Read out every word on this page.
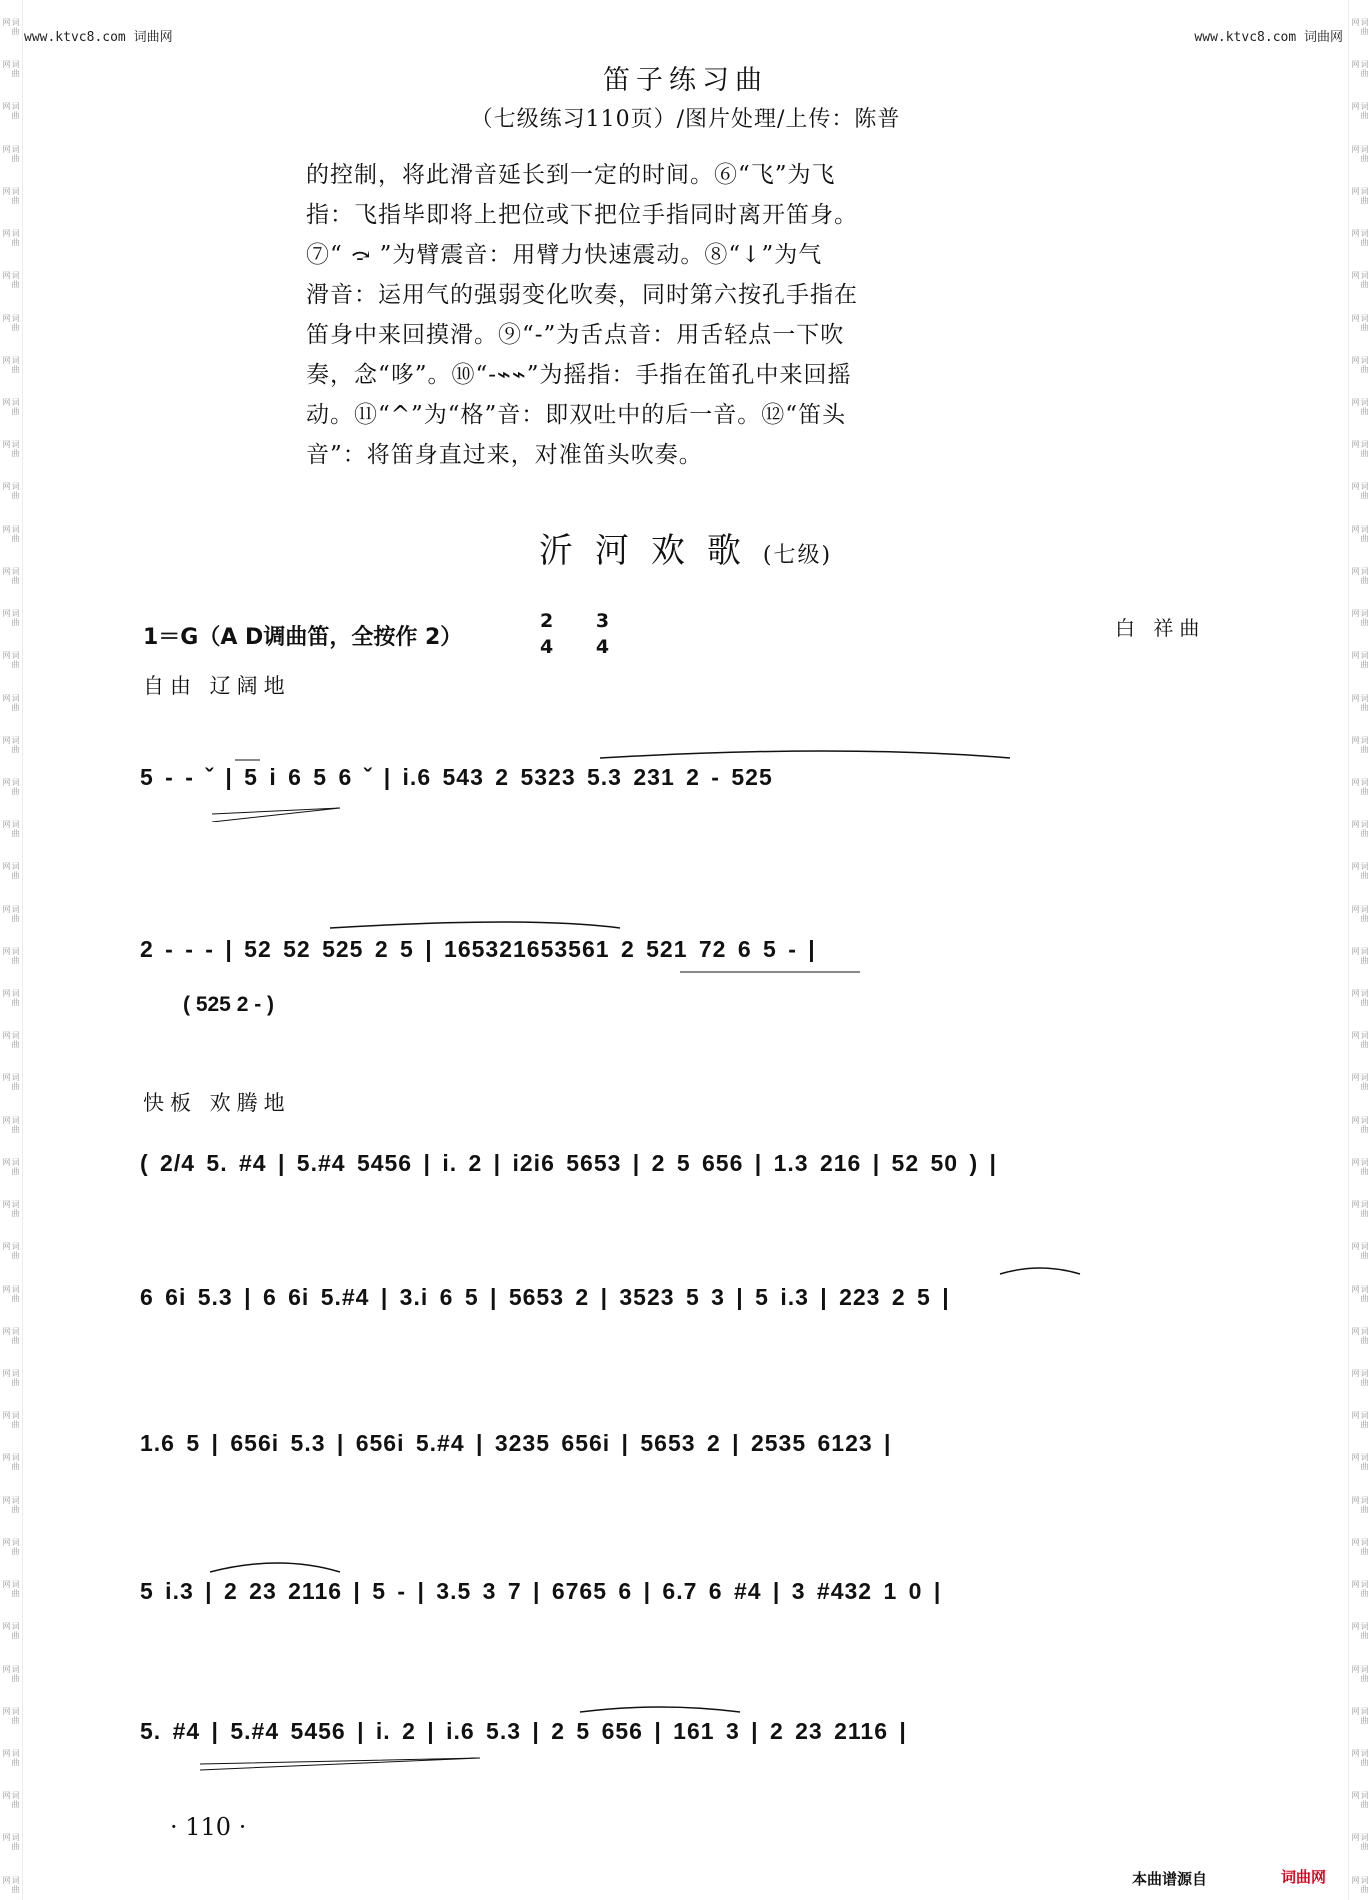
词曲网
词曲网
词曲网
词曲网
词曲网
词曲网
词曲网
词曲网
词曲网
词曲网
词曲网
词曲网
词曲网
词曲网
词曲网
词曲网
词曲网
词曲网
词曲网
词曲网
词曲网
词曲网
词曲网
词曲网
词曲网
词曲网
词曲网
词曲网
词曲网
词曲网
词曲网
词曲网
词曲网
词曲网
词曲网
词曲网
词曲网
词曲网
词曲网
词曲网
词曲网
词曲网
词曲网
词曲网
词曲网
词曲网
词曲网
词曲网
词曲网
词曲网
词曲网
词曲网
词曲网
词曲网
词曲网
词曲网
词曲网
词曲网
词曲网
词曲网
词曲网
词曲网
词曲网
词曲网
词曲网
词曲网
词曲网
词曲网
词曲网
词曲网
词曲网
词曲网
词曲网
词曲网
词曲网
词曲网
词曲网
词曲网
词曲网
词曲网
词曲网
词曲网
词曲网
词曲网
词曲网
词曲网
词曲网
词曲网
词曲网
词曲网
www.ktvc8.com 词曲网	www.ktvc8.com 词曲网
笛子练习曲
（七级练习110页）/图片处理/上传：陈普
的控制，将此滑音延长到一定的时间。⑥“飞”为飞
指：飞指毕即将上把位或下把位手指同时离开笛身。
⑦“ ⤼ ”为臂震音：用臂力快速震动。⑧“↓”为气
滑音：运用气的强弱变化吹奏，同时第六按孔手指在
笛身中来回摸滑。⑨“-”为舌点音：用舌轻点一下吹
奏，念“哆”。⑩“-⌁⌁”为摇指：手指在笛孔中来回摇
动。⑪“^”为“格”音：即双吐中的后一音。⑫“笛头
音”：将笛身直过来，对准笛头吹奏。
沂河欢歌(七级)
1＝G（A D调曲笛，全按作 2）
2 3
4 4
白 祥曲
自由 辽阔地
5 - - ˇ | 5 i 6 5 6 ˇ | i.6 543 2 5323 5.3 231 2 - 525
2 - - - | 52 52 525 2 5 | 165321653561 2 521 72 6 5 - |
( 525 2 - )
快板 欢腾地
( 2/4 5. #4 | 5.#4 5456 | i. 2 | i2i6 5653 | 2 5 656 | 1.3 216 | 52 50 ) |
6 6i 5.3 | 6 6i 5.#4 | 3.i 6 5 | 5653 2 | 3523 5 3 | 5 i.3 | 223 2 5 |
1.6 5 | 656i 5.3 | 656i 5.#4 | 3235 656i | 5653 2 | 2535 6123 |
5 i.3 | 2 23 2116 | 5 - | 3.5 3 7 | 6765 6 | 6.7 6 #4 | 3 #432 1 0 |
5. #4 | 5.#4 5456 | i. 2 | i.6 5.3 | 2 5 656 | 161 3 | 2 23 2116 |
· 110 ·
本曲谱源自	词曲网
